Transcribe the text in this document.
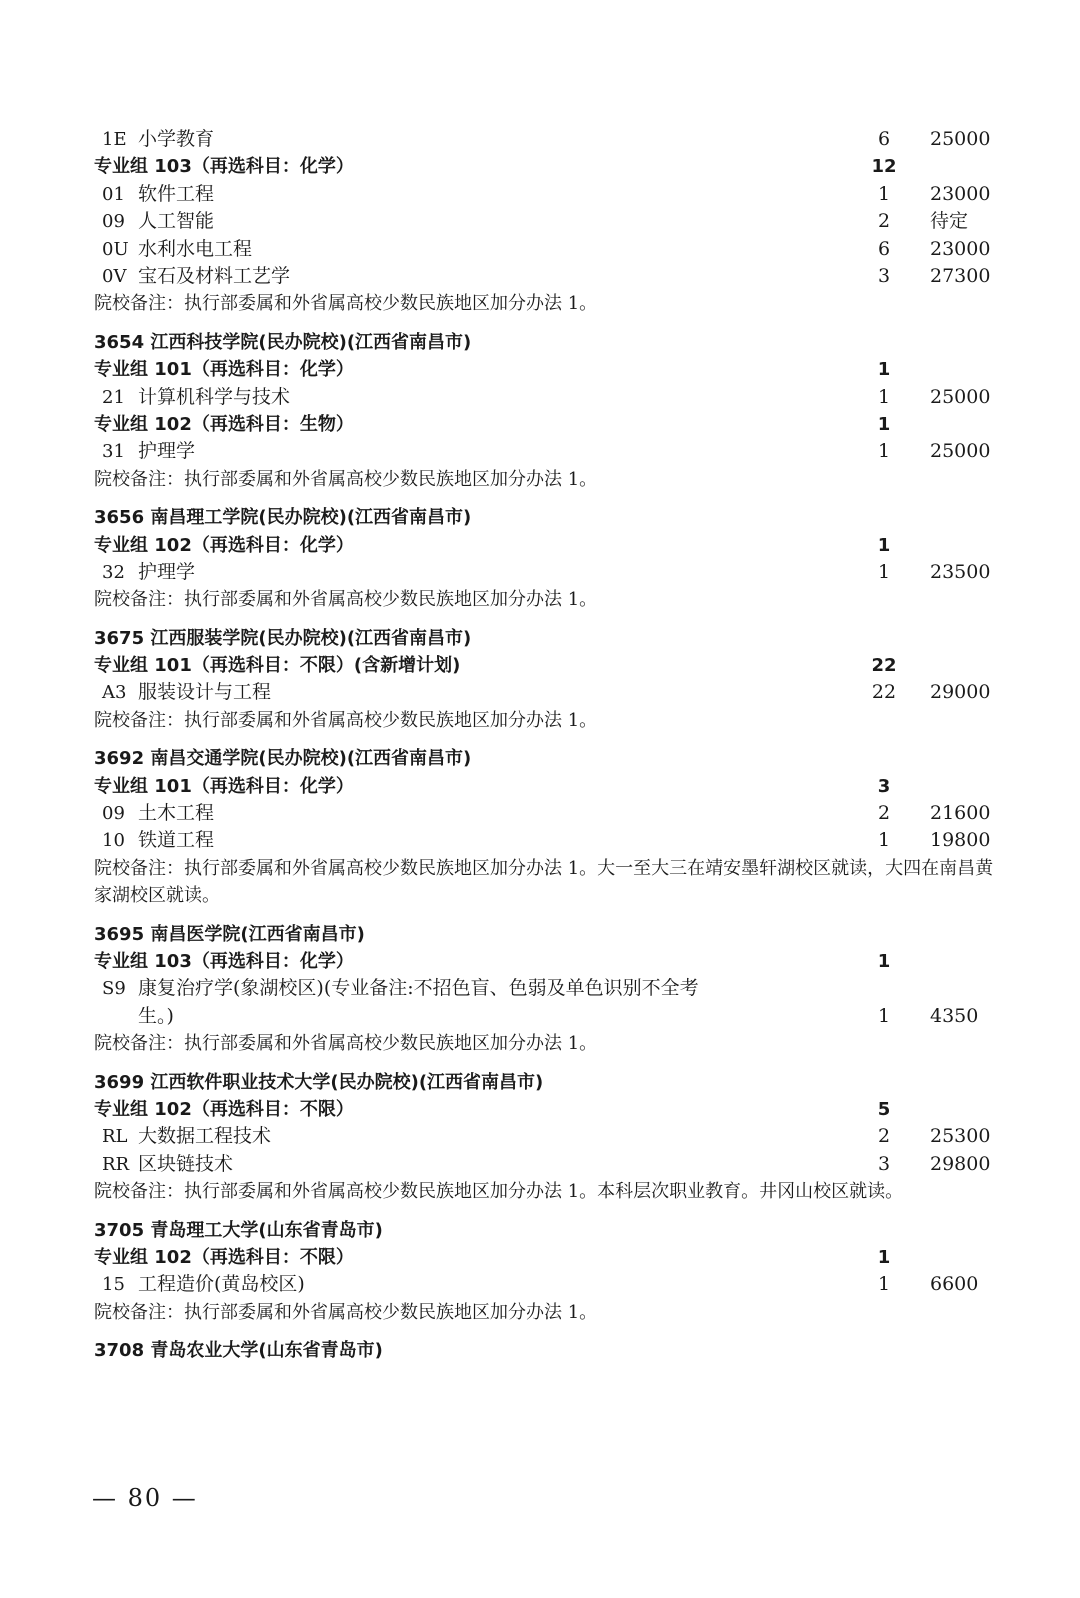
1E 小学教育	6	25000
专业组 103（再选科目：化学）	12
01 软件工程	1	23000
09 人工智能	2	待定
0U 水利水电工程	6	23000
0V 宝石及材料工艺学	3	27300
院校备注：执行部委属和外省属高校少数民族地区加分办法 1。
3654 江西科技学院(民办院校)(江西省南昌市)
专业组 101（再选科目：化学）	1
21 计算机科学与技术	1	25000
专业组 102（再选科目：生物）	1
31 护理学	1	25000
院校备注：执行部委属和外省属高校少数民族地区加分办法 1。
3656 南昌理工学院(民办院校)(江西省南昌市)
专业组 102（再选科目：化学）	1
32 护理学	1	23500
院校备注：执行部委属和外省属高校少数民族地区加分办法 1。
3675 江西服装学院(民办院校)(江西省南昌市)
专业组 101（再选科目：不限）(含新增计划)	22
A3 服装设计与工程	22	29000
院校备注：执行部委属和外省属高校少数民族地区加分办法 1。
3692 南昌交通学院(民办院校)(江西省南昌市)
专业组 101（再选科目：化学）	3
09 土木工程	2	21600
10 铁道工程	1	19800
院校备注：执行部委属和外省属高校少数民族地区加分办法 1。大一至大三在靖安墨轩湖校区就读，大四在南昌黄家湖校区就读。
3695 南昌医学院(江西省南昌市)
专业组 103（再选科目：化学）	1
S9 康复治疗学(象湖校区)(专业备注:不招色盲、色弱及单色识别不全考
生。)	1	4350
院校备注：执行部委属和外省属高校少数民族地区加分办法 1。
3699 江西软件职业技术大学(民办院校)(江西省南昌市)
专业组 102（再选科目：不限）	5
RL 大数据工程技术	2	25300
RR 区块链技术	3	29800
院校备注：执行部委属和外省属高校少数民族地区加分办法 1。本科层次职业教育。井冈山校区就读。
3705 青岛理工大学(山东省青岛市)
专业组 102（再选科目：不限）	1
15 工程造价(黄岛校区)	1	6600
院校备注：执行部委属和外省属高校少数民族地区加分办法 1。
3708 青岛农业大学(山东省青岛市)
— 80 —
